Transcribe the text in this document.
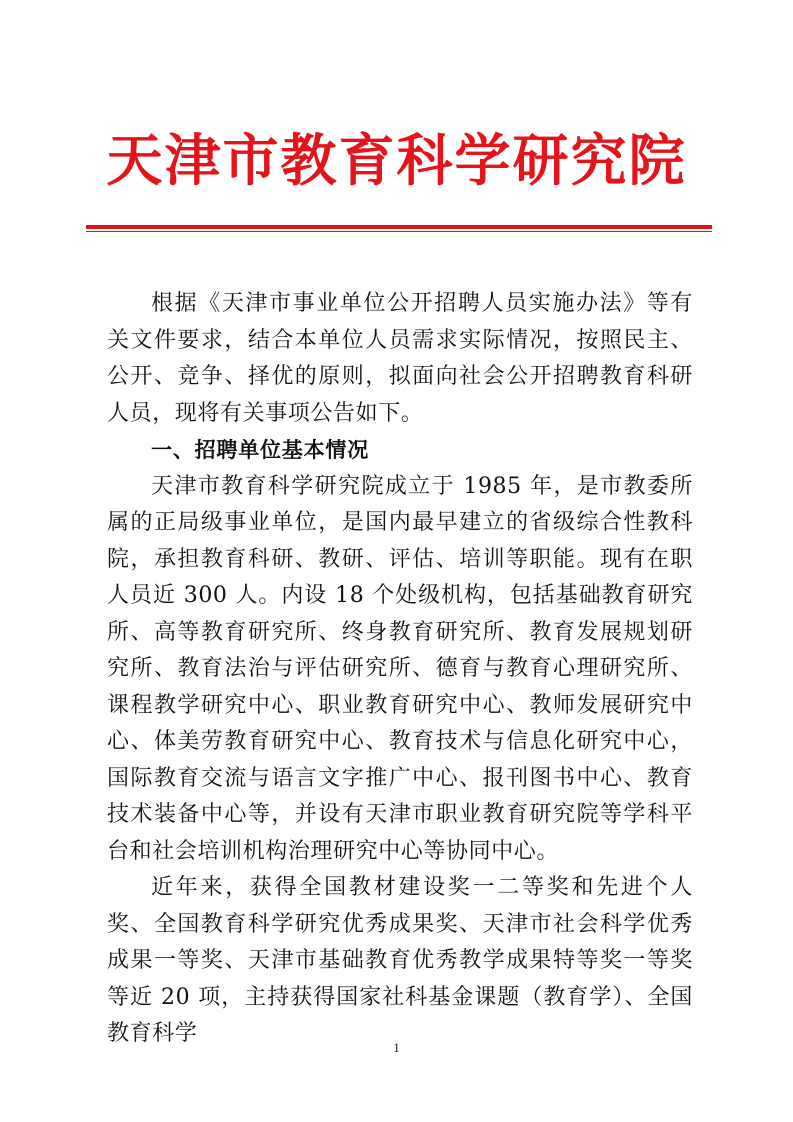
天津市教育科学研究院

根据《天津市事业单位公开招聘人员实施办法》等有关文件要求，结合本单位人员需求实际情况，按照民主、公开、竞争、择优的原则，拟面向社会公开招聘教育科研人员，现将有关事项公告如下。

一、招聘单位基本情况

天津市教育科学研究院成立于 1985 年，是市教委所属的正局级事业单位，是国内最早建立的省级综合性教科院，承担教育科研、教研、评估、培训等职能。现有在职人员近 300 人。内设 18 个处级机构，包括基础教育研究所、高等教育研究所、终身教育研究所、教育发展规划研究所、教育法治与评估研究所、德育与教育心理研究所、课程教学研究中心、职业教育研究中心、教师发展研究中心、体美劳教育研究中心、教育技术与信息化研究中心，国际教育交流与语言文字推广中心、报刊图书中心、教育技术装备中心等，并设有天津市职业教育研究院等学科平台和社会培训机构治理研究中心等协同中心。

近年来，获得全国教材建设奖一二等奖和先进个人奖、全国教育科学研究优秀成果奖、天津市社会科学优秀成果一等奖、天津市基础教育优秀教学成果特等奖一等奖等近 20 项，主持获得国家社科基金课题（教育学）、全国教育科学

1
